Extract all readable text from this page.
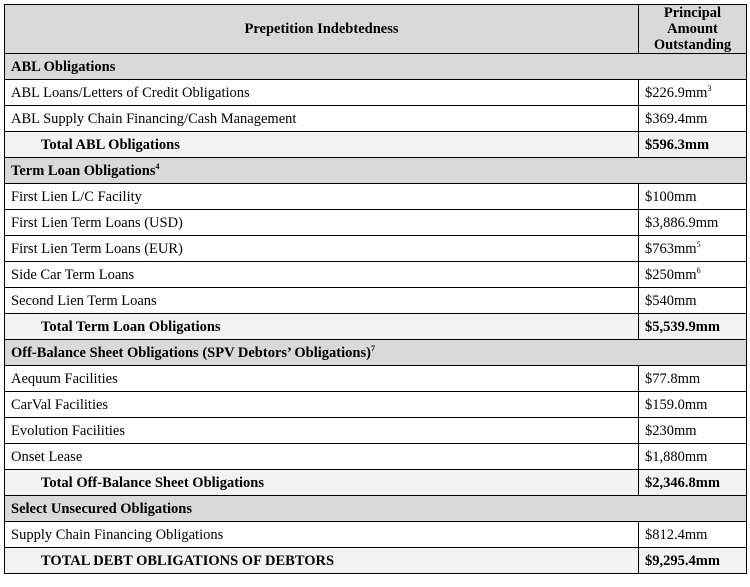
Prepetition Indebtedness	Principal
Amount
Outstanding
ABL Obligations	
ABL Loans/Letters of Credit Obligations	$\$226.9mm^3$
ABL Supply Chain Financing/Cash Management	$369.4mm
Total ABL Obligations	$596.3mm
Term Loan Obligations$^4$
First Lien L/C Facility	$100mm
First Lien Term Loans (USD)	$3,886.9mm
First Lien Term Loans (EUR)	$\$763mm^5$
Side Car Term Loans	$\$250mm^6$
Second Lien Term Loans	$540mm
Total Term Loan Obligations	$5,539.9mm
Off-Balance Sheet Obligations (SPV Debtors’ Obligations)$^7$
Aequum Facilities	$77.8mm
CarVal Facilities	$159.0mm
Evolution Facilities	$230mm
Onset Lease	$1,880mm
Total Off-Balance Sheet Obligations	$2,346.8mm
Select Unsecured Obligations	
Supply Chain Financing Obligations	$812.4mm
TOTAL DEBT OBLIGATIONS OF DEBTORS	$9,295.4mm
